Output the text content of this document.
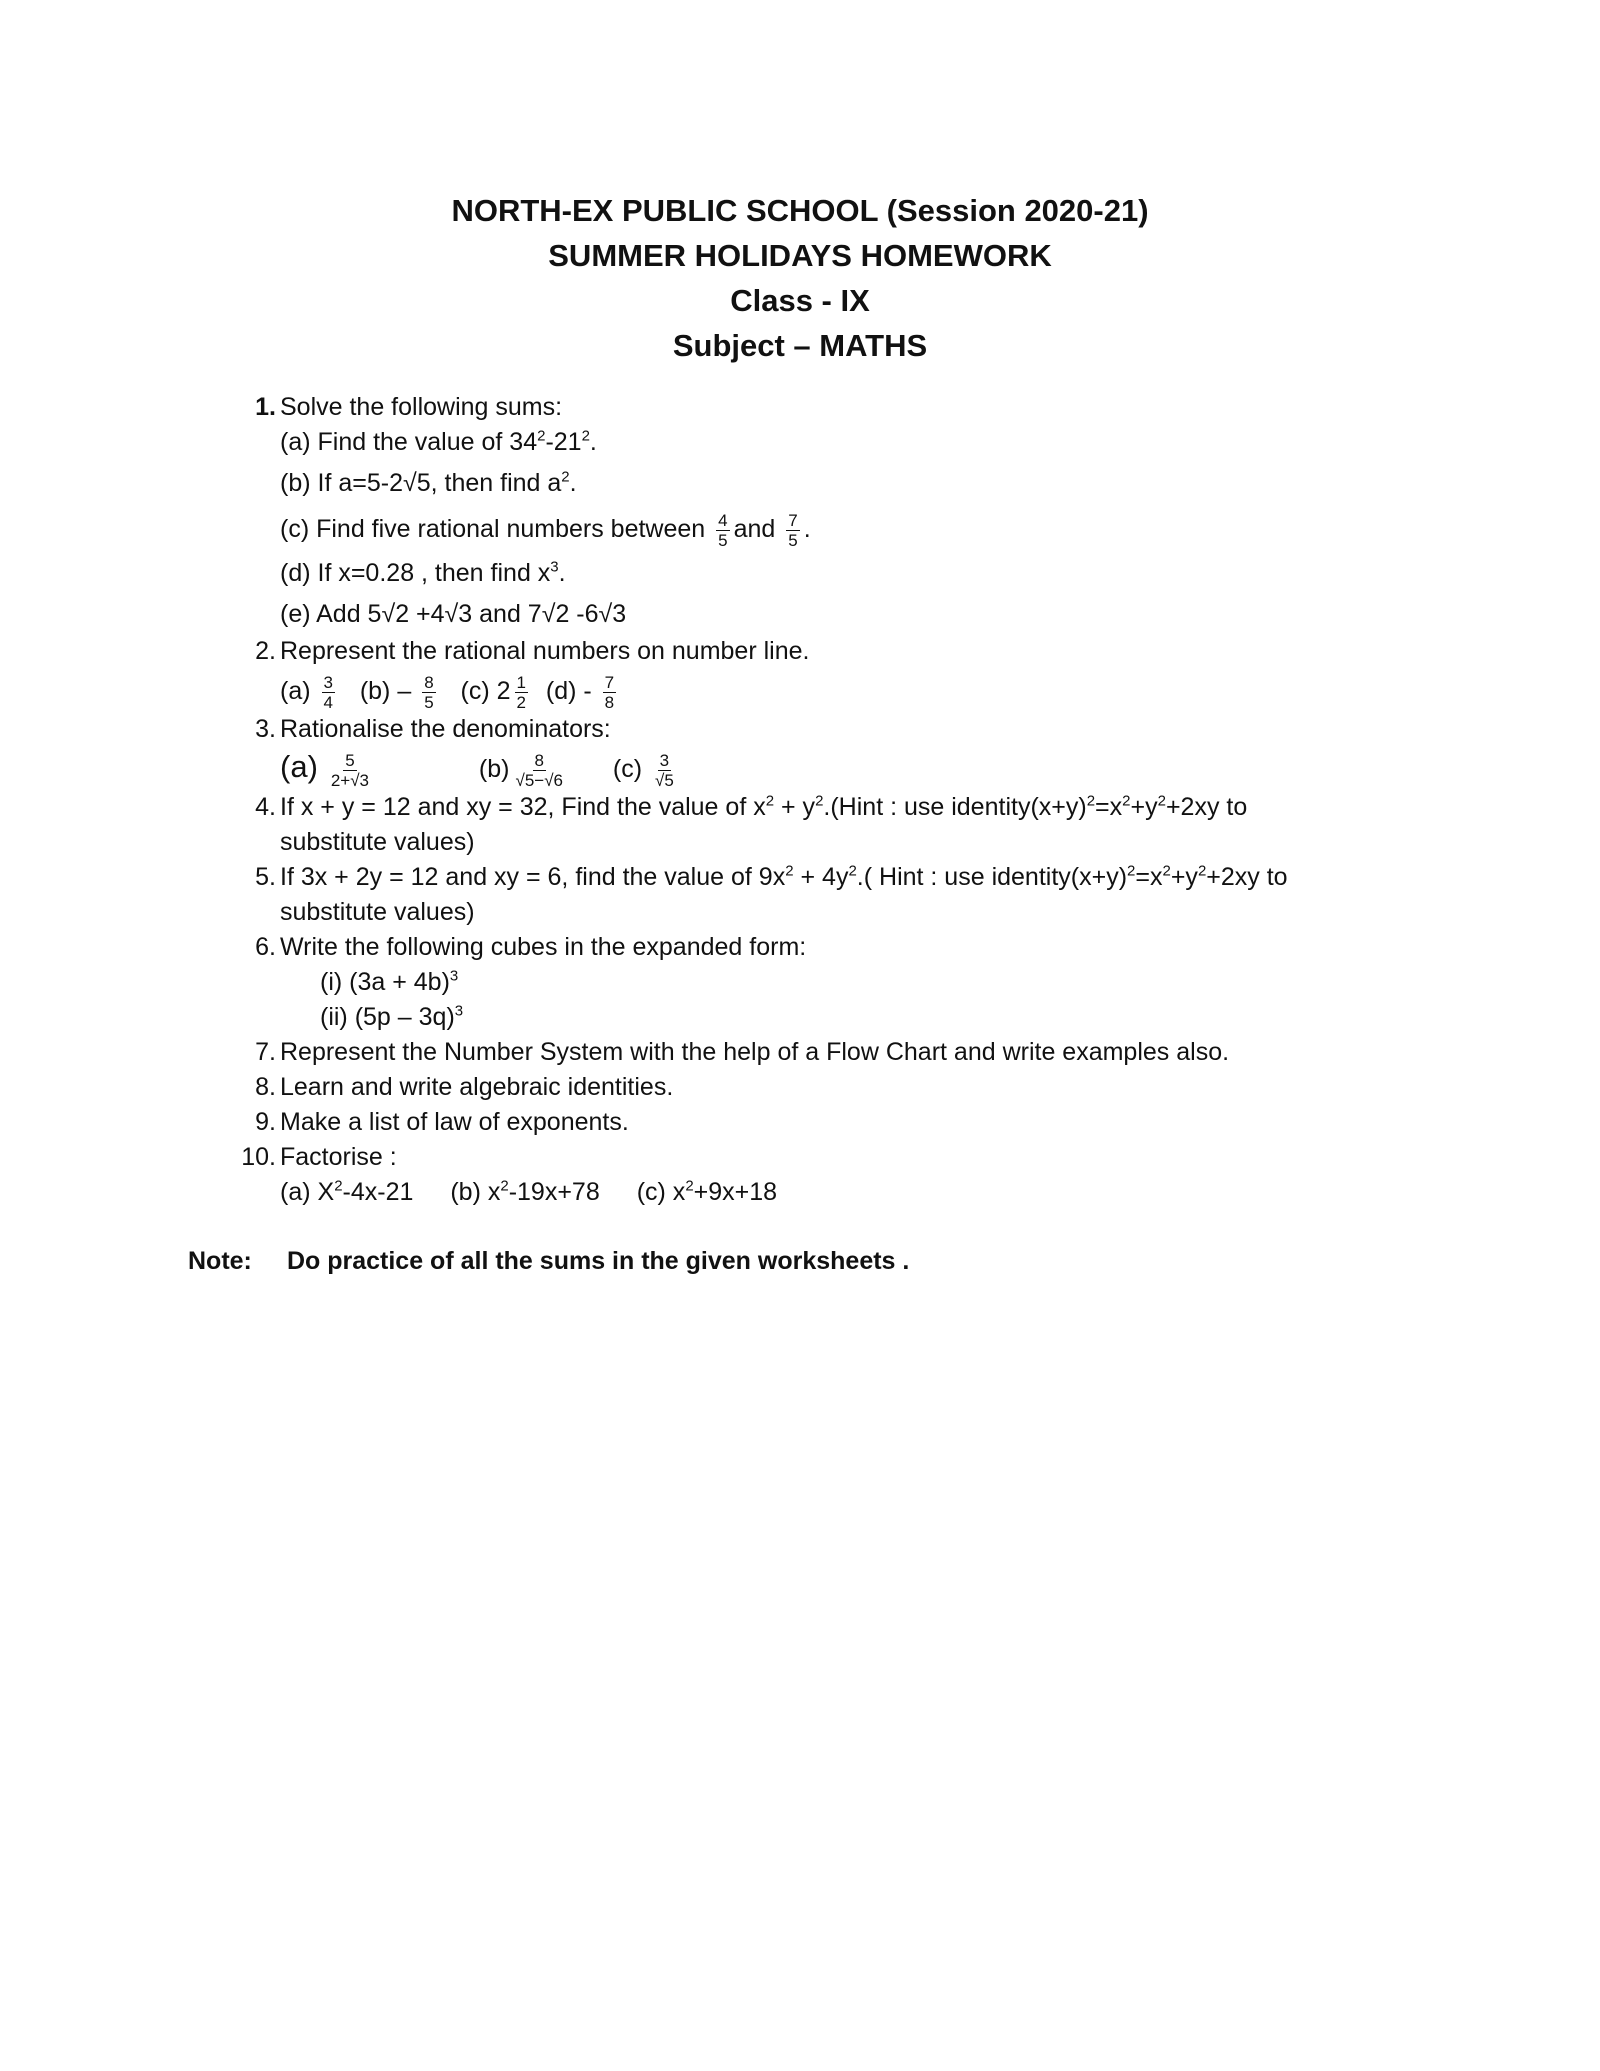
NORTH-EX PUBLIC SCHOOL (Session 2020-21)
SUMMER HOLIDAYS HOMEWORK
Class - IX
Subject – MATHS
1. Solve the following sums:
(a) Find the value of $34^2-21^2$.
(b) If a=5-2 √ 5, then find $a^2$.
(c) Find five rational numbers between $\frac{4}{5}$ and $\frac{7}{5}$ .
(d) If x=0.28 , then find $x^3$.
(e) Add 5 √ 2 +4 √ 3 and 7 √ 2 -6 √ 3
2. Represent the rational numbers on number line.
$(a) \frac{3}{4} (b) - \frac{8}{5} (c)$ $2 \frac{1}{2} (d) - \frac{7}{8}$
3. Rationalise the denominators:
$(a) \frac{5}{2+√3}$	$(b) \frac{8}{√5-√6} (c) \frac{3}{√5}$
4. If x + y = 12 and xy = 32, Find the value of $x^2$ + $y^2.(Hint$ : use $identity(x+y)^2=x^2+y^2+2xy$ to
substitute values)
5. If 3x + 2y = 12 and xy = 6, find the value of $9x^2 + 4y^2$.( Hint : use $identity(x+y)^2=x^2+y^2+2xy$ to
substitute values)
6. Write the following cubes in the expanded form:
(i) $(3a + 4b)^3$
(ii) (5p – 3q)$^3$
7. Represent the Number System with the help of a Flow Chart and write examples also.
8. Learn and write algebraic identities.
9. Make a list of law of exponents.
10. Factorise :
(a) $X^2-4x-21$ (b) $x^2-19x+78$ (c) $x^2+9x+18$
Note: Do practice of all the sums in the given worksheets .
